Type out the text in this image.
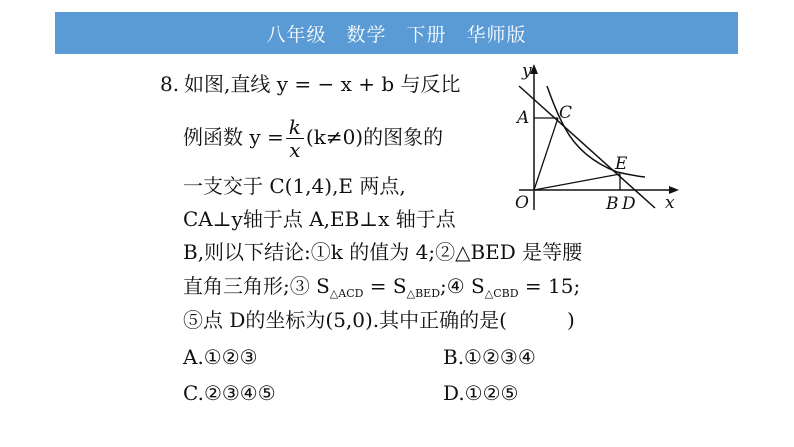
八年级　数学　下册　华师版
8. 如图,直线 y = − x + b 与反比
例函数 $y = \frac{k}{x} (k\ne 0)$的图象的
一支交于 C(1,4),E 两点,
CA⊥y轴于点 A,EB⊥x 轴于点
B,则以下结论:①k 的值为 4;②△BED 是等腰
直角三角形;③ $S_{\triangle ACD}$ = $S_{\triangle BED};④$ $S_{\triangle CBD} = 15$;
⑤点 D的坐标为(5,0).其中正确的是(　　　)
A.①②③	B.①②③④
C.②③④⑤	D.①②⑤
y
x
O
A C
E
B D
